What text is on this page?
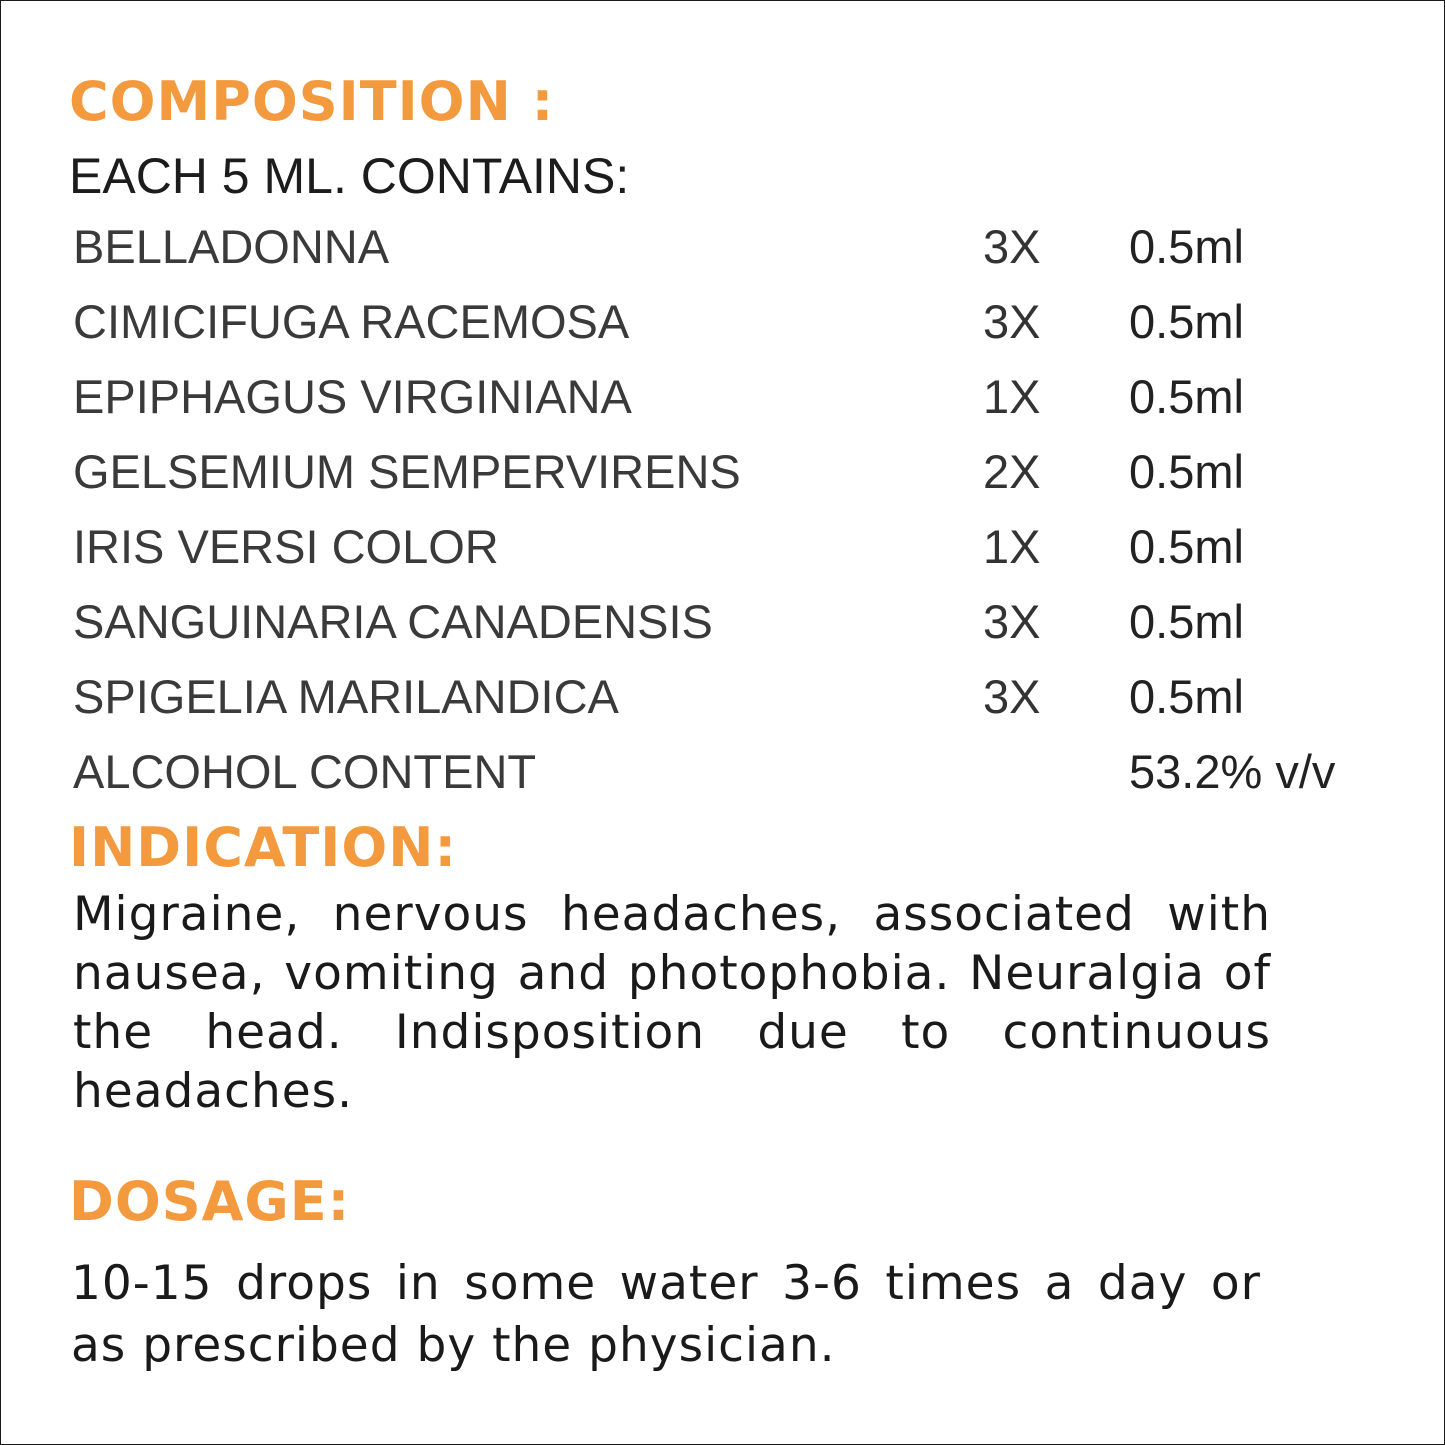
COMPOSITION :
EACH 5 ML. CONTAINS:
BELLADONNA	3X 0.5ml
CIMICIFUGA RACEMOSA	3X 0.5ml
EPIPHAGUS VIRGINIANA	1X 0.5ml
GELSEMIUM SEMPERVIRENS	2X 0.5ml
IRIS VERSI COLOR	1X 0.5ml
SANGUINARIA CANADENSIS	3X 0.5ml
SPIGELIA MARILANDICA	3X 0.5ml
ALCOHOL CONTENT	53.2% v/v
INDICATION:
Migraine, nervous headaches, associated with nausea, vomiting and photophobia. Neuralgia of the head. Indisposition due to continuous headaches.
DOSAGE:
10-15 drops in some water 3-6 times a day or as prescribed by the physician.
